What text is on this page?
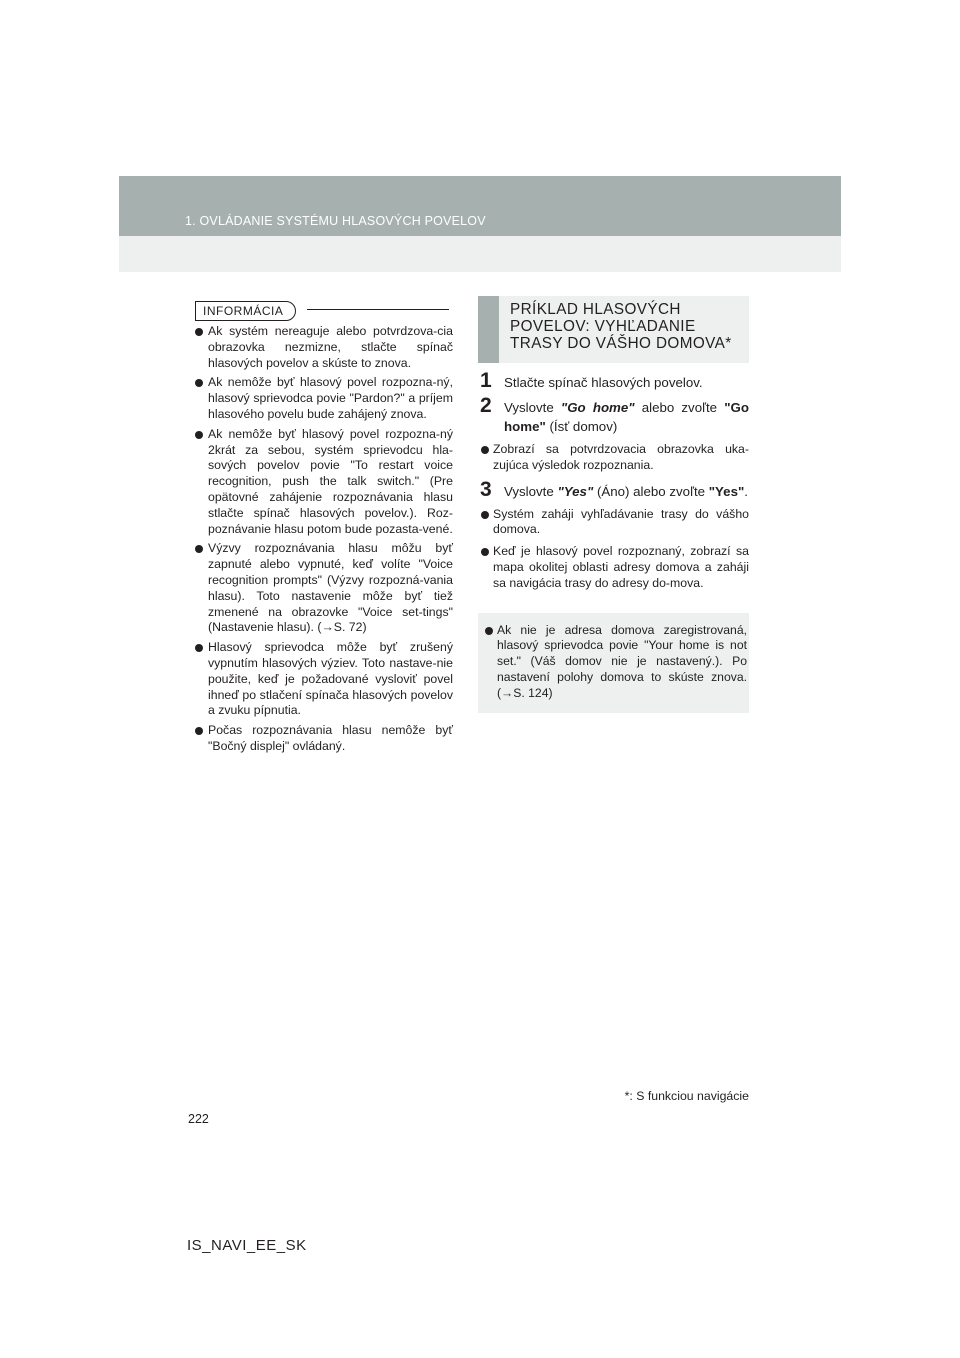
1. OVLÁDANIE SYSTÉMU HLASOVÝCH POVELOV
INFORMÁCIA
Ak systém nereaguje alebo potvrdzova-cia obrazovka nezmizne, stlačte spínač hlasových povelov a skúste to znova.
Ak nemôže byť hlasový povel rozpozna-ný, hlasový sprievodca povie "Pardon?" a príjem hlasového povelu bude zahájený znova.
Ak nemôže byť hlasový povel rozpozna-ný 2krát za sebou, systém sprievodcu hla-sových povelov povie "To restart voice recognition, push the talk switch." (Pre opätovné zahájenie rozpoznávania hlasu stlačte spínač hlasových povelov.). Roz-poznávanie hlasu potom bude pozasta-vené.
Výzvy rozpoznávania hlasu môžu byť zapnuté alebo vypnuté, keď volíte "Voice recognition prompts" (Výzvy rozpozná-vania hlasu). Toto nastavenie môže byť tiež zmenené na obrazovke "Voice set-tings" (Nastavenie hlasu). (→S. 72)
Hlasový sprievodca môže byť zrušený vypnutím hlasových výziev. Toto nastave-nie použite, keď je požadované vysloviť povel ihneď po stlačení spínača hlasových povelov a zvuku pípnutia.
Počas rozpoznávania hlasu nemôže byť "Bočný displej" ovládaný.
PRÍKLAD HLASOVÝCH POVELOV: VYHĽADANIE TRASY DO VÁŠHO DOMOVA*
1 Stlačte spínač hlasových povelov.
2 Vyslovte "Go home" alebo zvoľte "Go home" (Ísť domov)
Zobrazí sa potvrdzovacia obrazovka uka-zujúca výsledok rozpoznania.
3 Vyslovte "Yes" (Áno) alebo zvoľte "Yes".
Systém zaháji vyhľadávanie trasy do vášho domova.
Keď je hlasový povel rozpoznaný, zobrazí sa mapa okolitej oblasti adresy domova a zaháji sa navigácia trasy do adresy do-mova.
Ak nie je adresa domova zaregistrovaná, hlasový sprievodca povie "Your home is not set." (Váš domov nie je nastavený.). Po nastavení polohy domova to skúste znova. (→S. 124)
*: S funkciou navigácie
222
IS_NAVI_EE_SK
